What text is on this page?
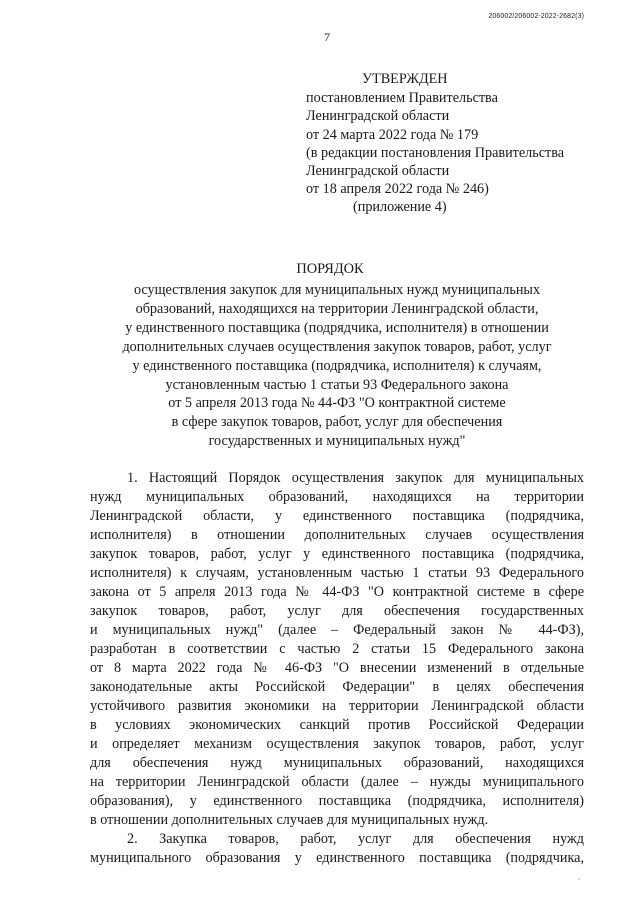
206002/206002-2022-2682(3)
7
УТВЕРЖДЕН
постановлением Правительства
Ленинградской области
от 24 марта 2022 года № 179
(в редакции постановления Правительства
Ленинградской области
от 18 апреля 2022 года № 246)
(приложение 4)
ПОРЯДОК
осуществления закупок для муниципальных нужд муниципальных
образований, находящихся на территории Ленинградской области,
у единственного поставщика (подрядчика, исполнителя) в отношении
дополнительных случаев осуществления закупок товаров, работ, услуг
у единственного поставщика (подрядчика, исполнителя) к случаям,
установленным частью 1 статьи 93 Федерального закона
от 5 апреля 2013 года № 44-ФЗ "О контрактной системе
в сфере закупок товаров, работ, услуг для обеспечения
государственных и муниципальных нужд"
1. Настоящий Порядок осуществления закупок для муниципальных
нужд муниципальных образований, находящихся на территории
Ленинградской области, у единственного поставщика (подрядчика,
исполнителя) в отношении дополнительных случаев осуществления
закупок товаров, работ, услуг у единственного поставщика (подрядчика,
исполнителя) к случаям, установленным частью 1 статьи 93 Федерального
закона от 5 апреля 2013 года № 44-ФЗ "О контрактной системе в сфере
закупок товаров, работ, услуг для обеспечения государственных
и муниципальных нужд" (далее – Федеральный закон № 44-ФЗ),
разработан в соответствии с частью 2 статьи 15 Федерального закона
от 8 марта 2022 года № 46-ФЗ "О внесении изменений в отдельные
законодательные акты Российской Федерации" в целях обеспечения
устойчивого развития экономики на территории Ленинградской области
в условиях экономических санкций против Российской Федерации
и определяет механизм осуществления закупок товаров, работ, услуг
для обеспечения нужд муниципальных образований, находящихся
на территории Ленинградской области (далее – нужды муниципального
образования), у единственного поставщика (подрядчика, исполнителя)
в отношении дополнительных случаев для муниципальных нужд.
2. Закупка товаров, работ, услуг для обеспечения нужд
муниципального образования у единственного поставщика (подрядчика,
